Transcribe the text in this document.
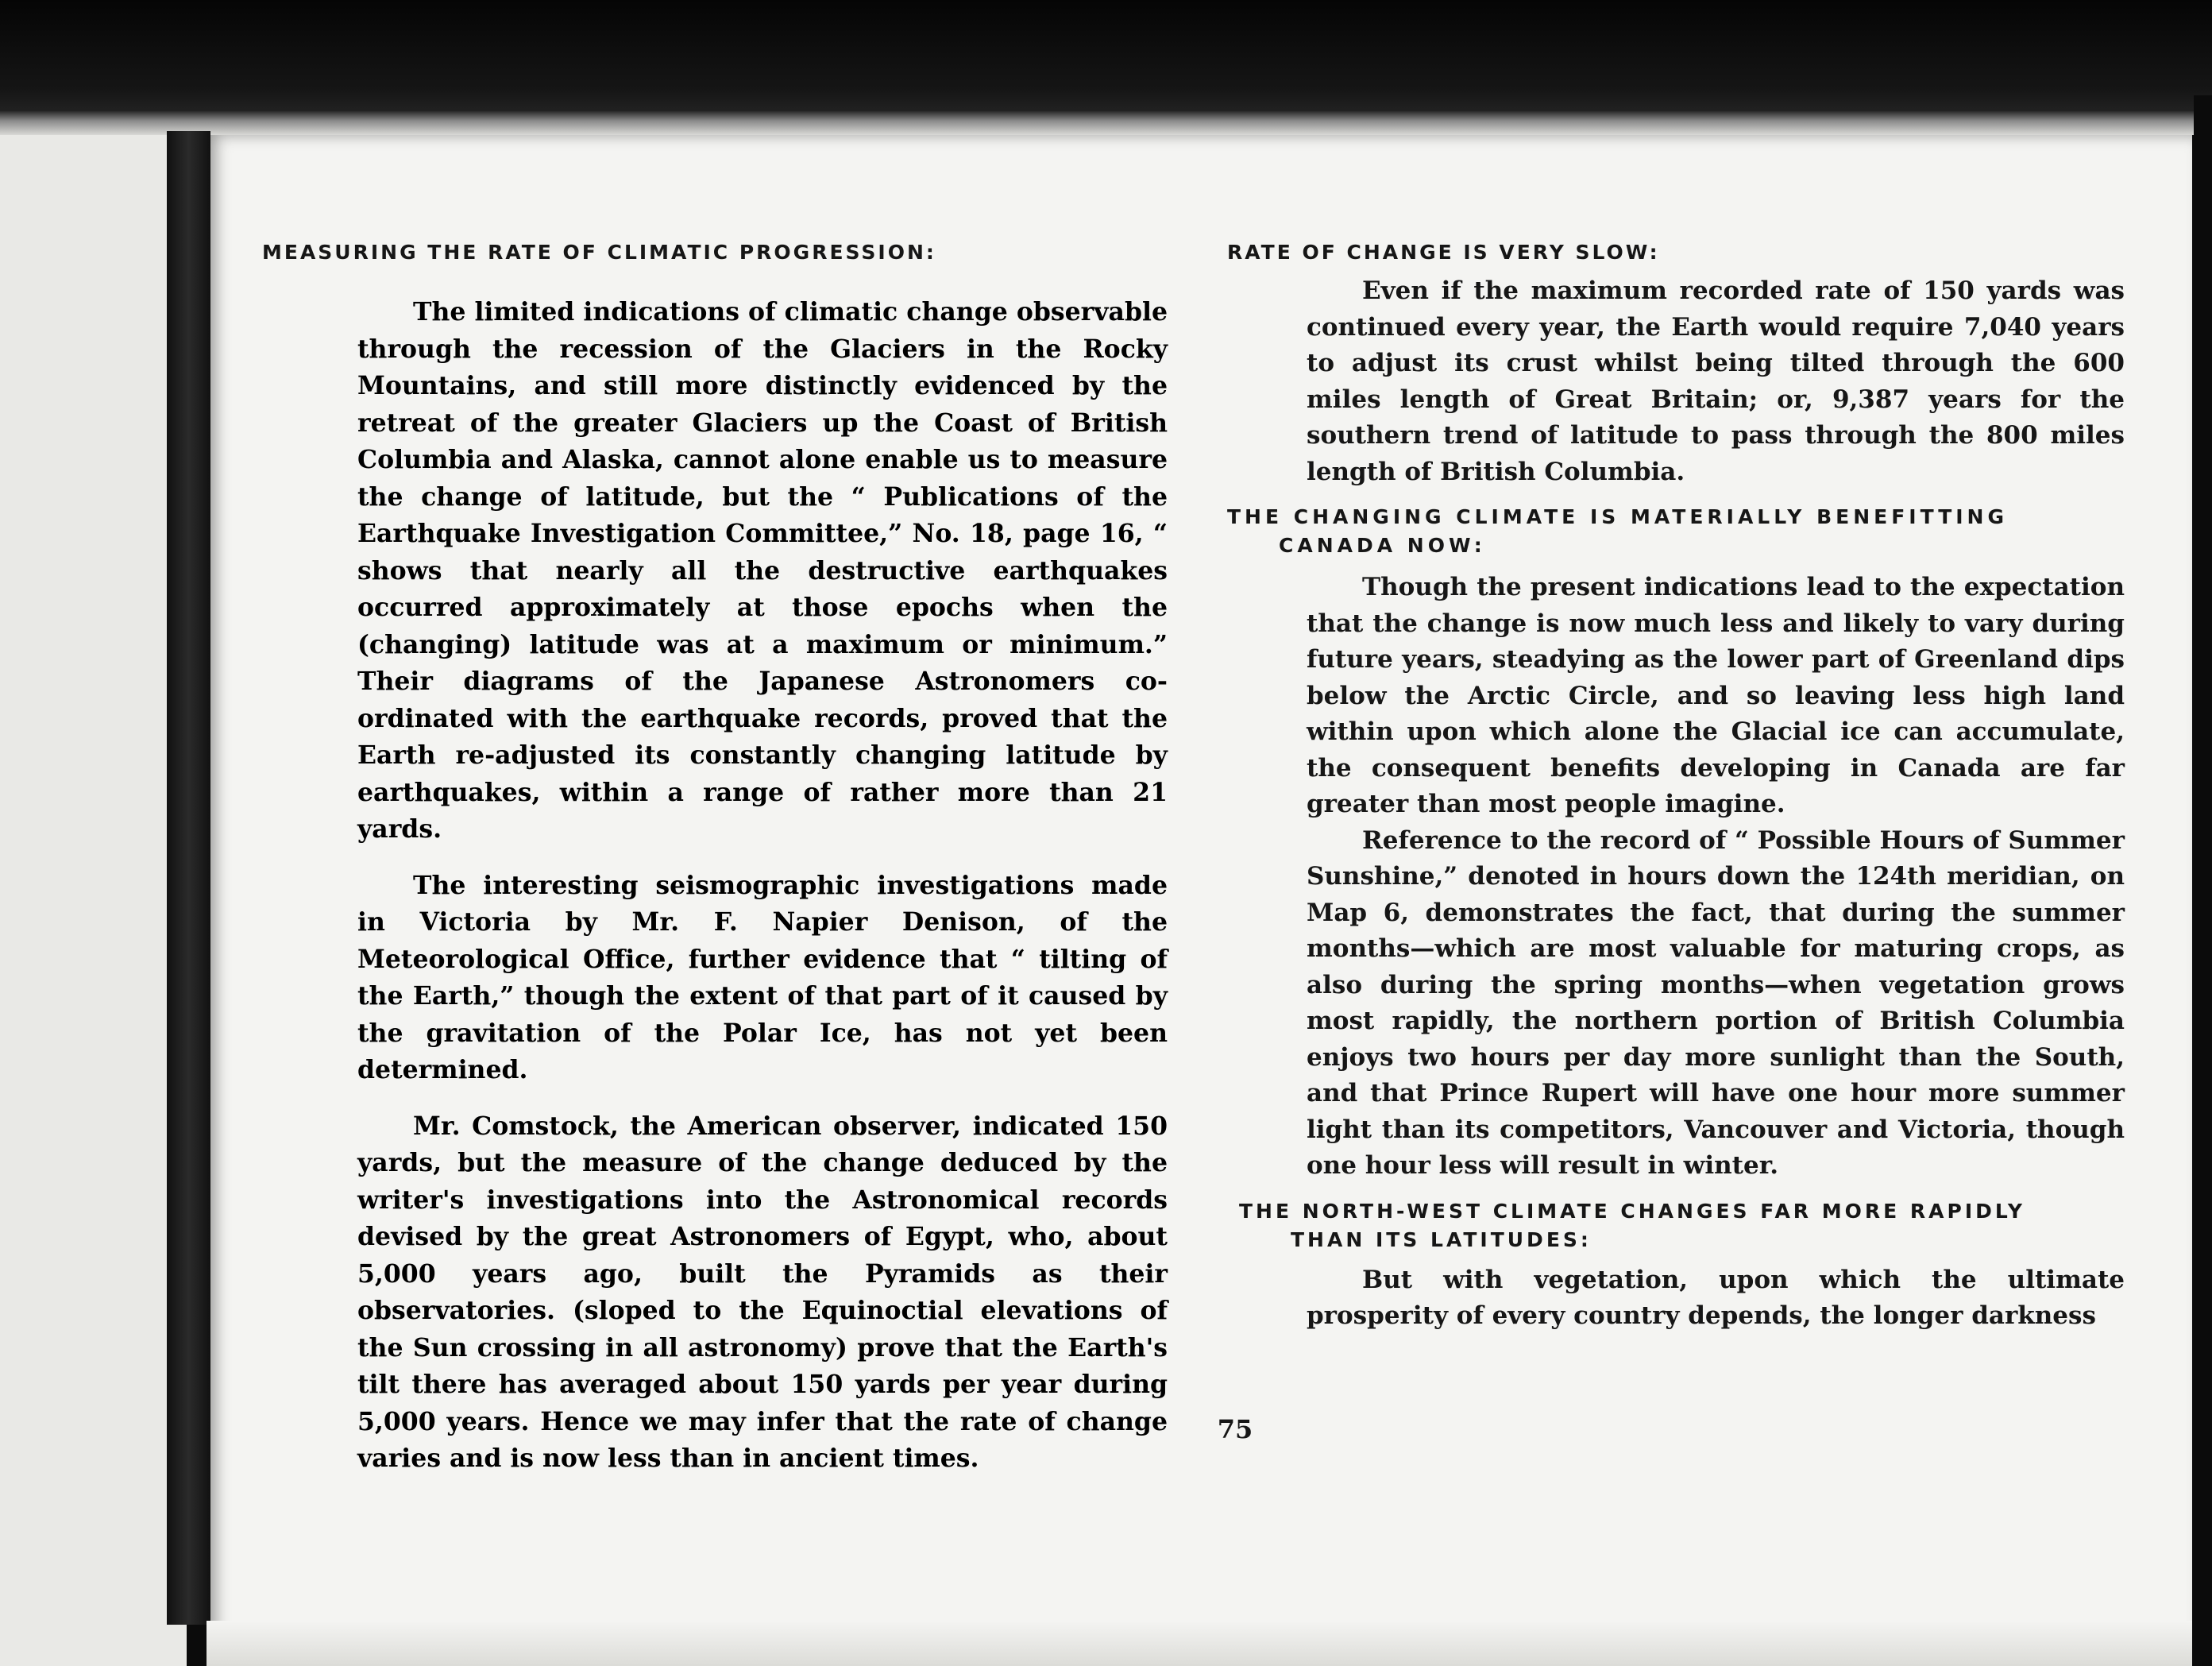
MEASURING THE RATE OF CLIMATIC PROGRESSION:

The limited indications of climatic change observable through the recession of the Glaciers in the Rocky Mountains, and still more distinctly evidenced by the retreat of the greater Glaciers up the Coast of British Columbia and Alaska, cannot alone enable us to measure the change of latitude, but the “ Publications of the Earthquake Investigation Committee,” No. 18, page 16, “ shows that nearly all the destructive earthquakes occurred approximately at those epochs when the (changing) latitude was at a maximum or minimum.” Their diagrams of the Japanese Astronomers co-ordinated with the earthquake records, proved that the Earth re-adjusted its constantly changing latitude by earthquakes, within a range of rather more than 21 yards.

The interesting seismographic investigations made in Victoria by Mr. F. Napier Denison, of the Meteorological Office, further evidence that “ tilting of the Earth,” though the extent of that part of it caused by the gravitation of the Polar Ice, has not yet been determined.

Mr. Comstock, the American observer, indicated 150 yards, but the measure of the change deduced by the writer's investigations into the Astronomical records devised by the great Astronomers of Egypt, who, about 5,000 years ago, built the Pyramids as their observatories. (sloped to the Equinoctial elevations of the Sun crossing in all astronomy) prove that the Earth's tilt there has averaged about 150 yards per year during 5,000 years. Hence we may infer that the rate of change varies and is now less than in ancient times.

RATE OF CHANGE IS VERY SLOW:

Even if the maximum recorded rate of 150 yards was continued every year, the Earth would require 7,040 years to adjust its crust whilst being tilted through the 600 miles length of Great Britain; or, 9,387 years for the southern trend of latitude to pass through the 800 miles length of British Columbia.

THE CHANGING CLIMATE IS MATERIALLY BENEFITTING
CANADA NOW:

Though the present indications lead to the expectation that the change is now much less and likely to vary during future years, steadying as the lower part of Greenland dips below the Arctic Circle, and so leaving less high land within upon which alone the Glacial ice can accumulate, the consequent benefits developing in Canada are far greater than most people imagine.

Reference to the record of “ Possible Hours of Summer Sunshine,” denoted in hours down the 124th meridian, on Map 6, demonstrates the fact, that during the summer months—which are most valuable for maturing crops, as also during the spring months—when vegetation grows most rapidly, the northern portion of British Columbia enjoys two hours per day more sunlight than the South, and that Prince Rupert will have one hour more summer light than its competitors, Vancouver and Victoria, though one hour less will result in winter.

THE NORTH-WEST CLIMATE CHANGES FAR MORE RAPIDLY
THAN ITS LATITUDES:

But with vegetation, upon which the ultimate prosperity of every country depends, the longer darkness

75
